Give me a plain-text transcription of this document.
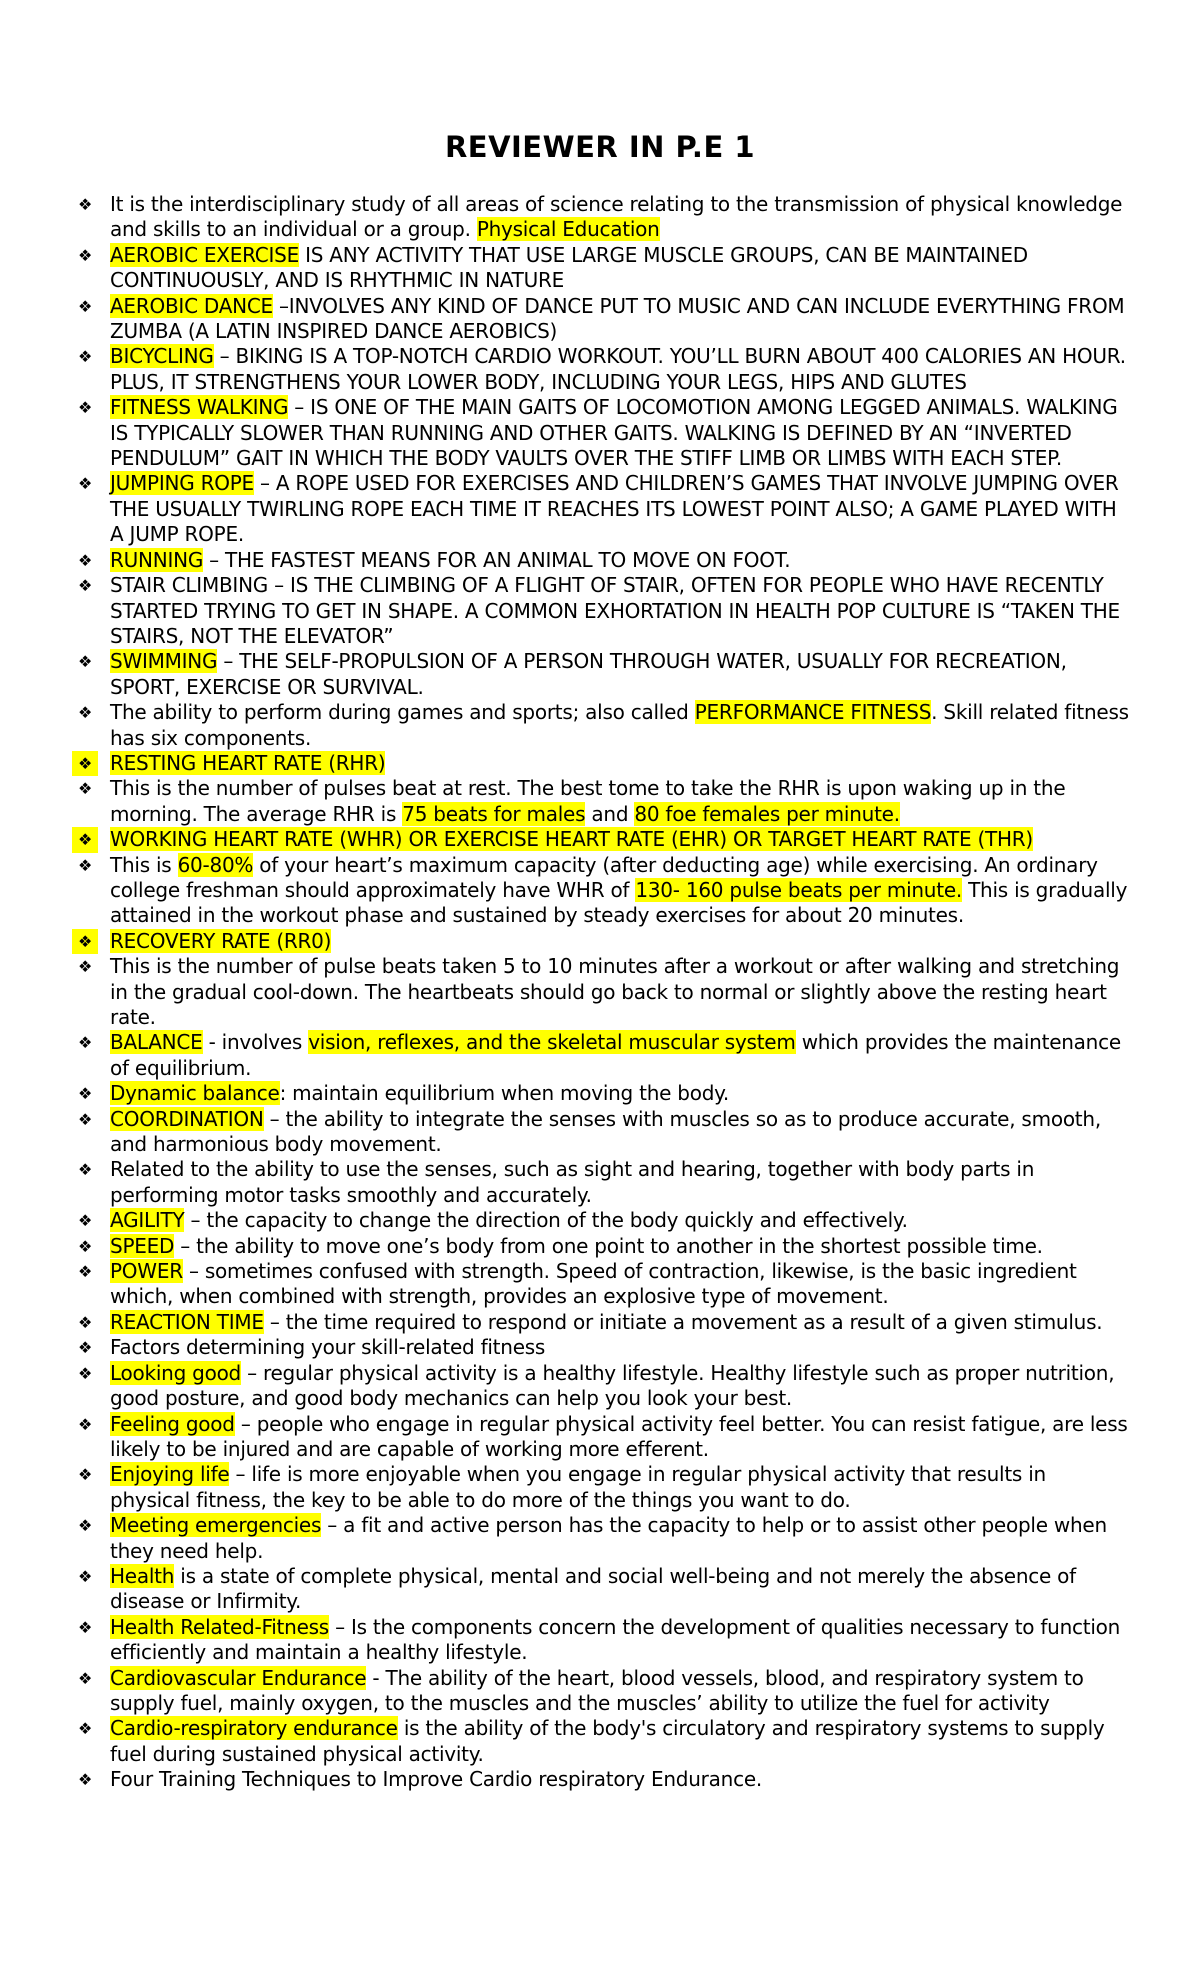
REVIEWER IN P.E 1
❖ It is the interdisciplinary study of all areas of science relating to the transmission of physical knowledge and skills to an individual or a group. Physical Education
❖ AEROBIC EXERCISE IS ANY ACTIVITY THAT USE LARGE MUSCLE GROUPS, CAN BE MAINTAINED CONTINUOUSLY, AND IS RHYTHMIC IN NATURE
❖ AEROBIC DANCE –INVOLVES ANY KIND OF DANCE PUT TO MUSIC AND CAN INCLUDE EVERYTHING FROM ZUMBA (A LATIN INSPIRED DANCE AEROBICS)
❖ BICYCLING – BIKING IS A TOP-NOTCH CARDIO WORKOUT. YOU’LL BURN ABOUT 400 CALORIES AN HOUR. PLUS, IT STRENGTHENS YOUR LOWER BODY, INCLUDING YOUR LEGS, HIPS AND GLUTES
❖ FITNESS WALKING – IS ONE OF THE MAIN GAITS OF LOCOMOTION AMONG LEGGED ANIMALS. WALKING IS TYPICALLY SLOWER THAN RUNNING AND OTHER GAITS. WALKING IS DEFINED BY AN “INVERTED PENDULUM” GAIT IN WHICH THE BODY VAULTS OVER THE STIFF LIMB OR LIMBS WITH EACH STEP.
❖ JUMPING ROPE – A ROPE USED FOR EXERCISES AND CHILDREN’S GAMES THAT INVOLVE JUMPING OVER THE USUALLY TWIRLING ROPE EACH TIME IT REACHES ITS LOWEST POINT ALSO; A GAME PLAYED WITH A JUMP ROPE.
❖ RUNNING – THE FASTEST MEANS FOR AN ANIMAL TO MOVE ON FOOT.
❖ STAIR CLIMBING – IS THE CLIMBING OF A FLIGHT OF STAIR, OFTEN FOR PEOPLE WHO HAVE RECENTLY STARTED TRYING TO GET IN SHAPE. A COMMON EXHORTATION IN HEALTH POP CULTURE IS “TAKEN THE STAIRS, NOT THE ELEVATOR”
❖ SWIMMING – THE SELF-PROPULSION OF A PERSON THROUGH WATER, USUALLY FOR RECREATION, SPORT, EXERCISE OR SURVIVAL.
❖ The ability to perform during games and sports; also called PERFORMANCE FITNESS. Skill related fitness has six components.
❖ RESTING HEART RATE (RHR)
❖ This is the number of pulses beat at rest. The best tome to take the RHR is upon waking up in the morning. The average RHR is 75 beats for males and 80 foe females per minute.
❖ WORKING HEART RATE (WHR) OR EXERCISE HEART RATE (EHR) OR TARGET HEART RATE (THR)
❖ This is 60-80% of your heart’s maximum capacity (after deducting age) while exercising. An ordinary college freshman should approximately have WHR of 130- 160 pulse beats per minute. This is gradually attained in the workout phase and sustained by steady exercises for about 20 minutes.
❖ RECOVERY RATE (RR0)
❖ This is the number of pulse beats taken 5 to 10 minutes after a workout or after walking and stretching in the gradual cool-down. The heartbeats should go back to normal or slightly above the resting heart rate.
❖ BALANCE - involves vision, reflexes, and the skeletal muscular system which provides the maintenance of equilibrium.
❖ Dynamic balance: maintain equilibrium when moving the body.
❖ COORDINATION – the ability to integrate the senses with muscles so as to produce accurate, smooth, and harmonious body movement.
❖ Related to the ability to use the senses, such as sight and hearing, together with body parts in performing motor tasks smoothly and accurately.
❖ AGILITY – the capacity to change the direction of the body quickly and effectively.
❖ SPEED – the ability to move one’s body from one point to another in the shortest possible time.
❖ POWER – sometimes confused with strength. Speed of contraction, likewise, is the basic ingredient which, when combined with strength, provides an explosive type of movement.
❖ REACTION TIME – the time required to respond or initiate a movement as a result of a given stimulus.
❖ Factors determining your skill-related fitness
❖ Looking good – regular physical activity is a healthy lifestyle. Healthy lifestyle such as proper nutrition, good posture, and good body mechanics can help you look your best.
❖ Feeling good – people who engage in regular physical activity feel better. You can resist fatigue, are less likely to be injured and are capable of working more efferent.
❖ Enjoying life – life is more enjoyable when you engage in regular physical activity that results in physical fitness, the key to be able to do more of the things you want to do.
❖ Meeting emergencies – a fit and active person has the capacity to help or to assist other people when they need help.
❖ Health is a state of complete physical, mental and social well-being and not merely the absence of disease or Infirmity.
❖ Health Related-Fitness – Is the components concern the development of qualities necessary to function efficiently and maintain a healthy lifestyle.
❖ Cardiovascular Endurance - The ability of the heart, blood vessels, blood, and respiratory system to supply fuel, mainly oxygen, to the muscles and the muscles’ ability to utilize the fuel for activity
❖ Cardio-respiratory endurance is the ability of the body's circulatory and respiratory systems to supply fuel during sustained physical activity.
❖ Four Training Techniques to Improve Cardio respiratory Endurance.
